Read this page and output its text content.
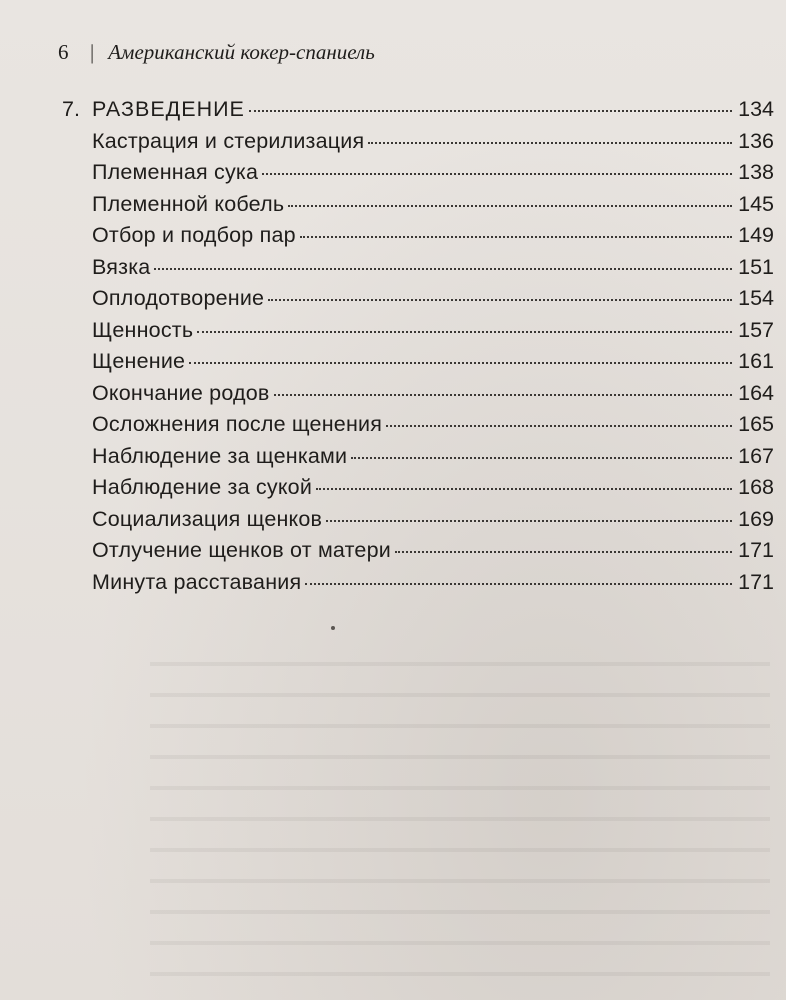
6	| Американский кокер-спаниель
7. РАЗВЕДЕНИЕ	134
Кастрация и стерилизация	136
Племенная сука	138
Племенной кобель	145
Отбор и подбор пар	149
Вязка	151
Оплодотворение	154
Щенность	157
Щенение	161
Окончание родов	164
Осложнения после щенения	165
Наблюдение за щенками	167
Наблюдение за сукой	168
Социализация щенков	169
Отлучение щенков от матери	171
Минута расставания	171
